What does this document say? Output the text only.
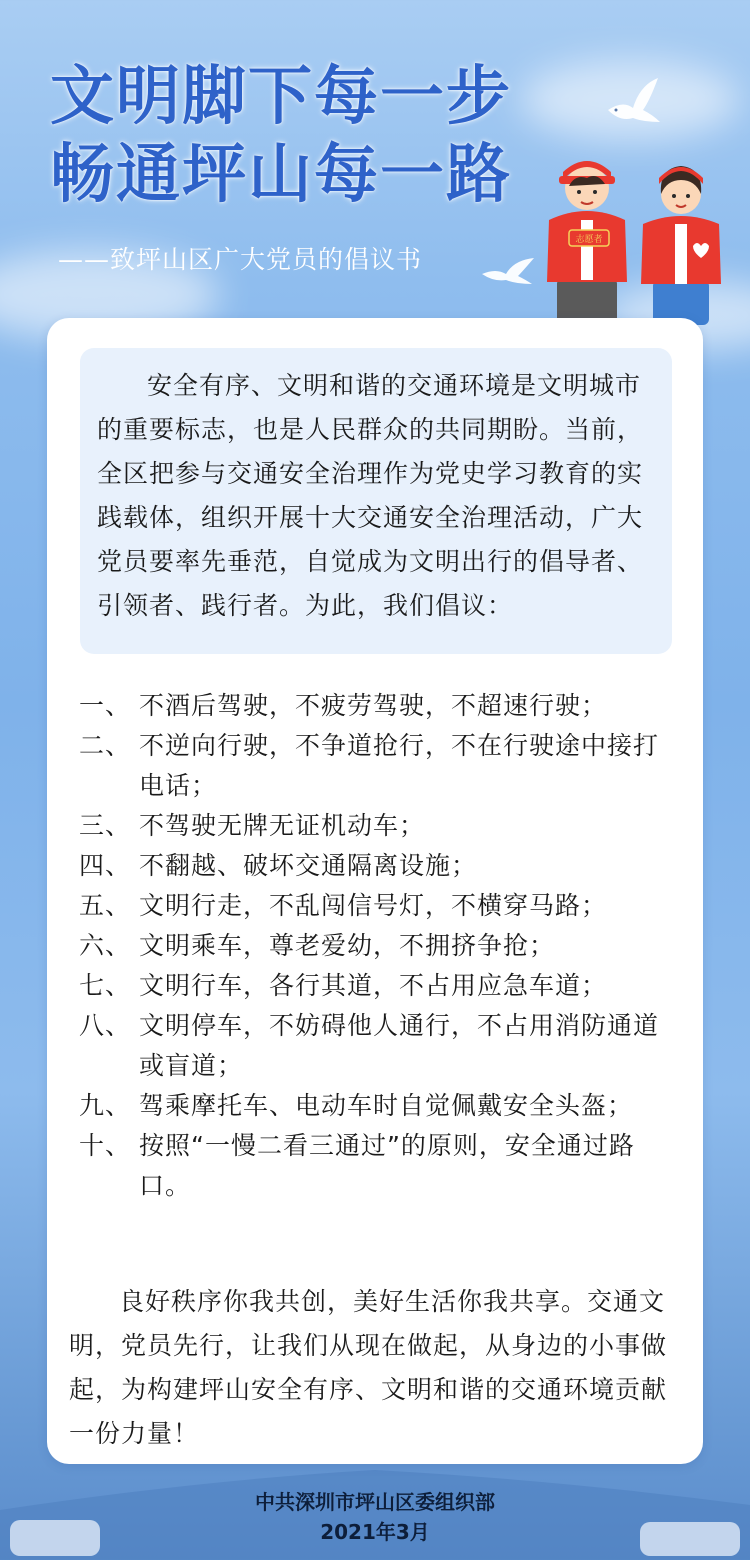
文明脚下每一步
畅通坪山每一路

——致坪山区广大党员的倡议书

志愿者

安全有序、文明和谐的交通环境是文明城市的重要标志，也是人民群众的共同期盼。当前，全区把参与交通安全治理作为党史学习教育的实践载体，组织开展十大交通安全治理活动，广大党员要率先垂范，自觉成为文明出行的倡导者、引领者、践行者。为此，我们倡议：

一、 不酒后驾驶，不疲劳驾驶，不超速行驶；
二、 不逆向行驶，不争道抢行，不在行驶途中接打电话；
三、 不驾驶无牌无证机动车；
四、 不翻越、破坏交通隔离设施；
五、 文明行走，不乱闯信号灯，不横穿马路；
六、 文明乘车，尊老爱幼，不拥挤争抢；
七、 文明行车，各行其道，不占用应急车道；
八、 文明停车，不妨碍他人通行，不占用消防通道或盲道；
九、 驾乘摩托车、电动车时自觉佩戴安全头盔；
十、 按照“一慢二看三通过”的原则，安全通过路口。

良好秩序你我共创，美好生活你我共享。交通文明，党员先行，让我们从现在做起，从身边的小事做起，为构建坪山安全有序、文明和谐的交通环境贡献一份力量！

中共深圳市坪山区委组织部
2021年3月
